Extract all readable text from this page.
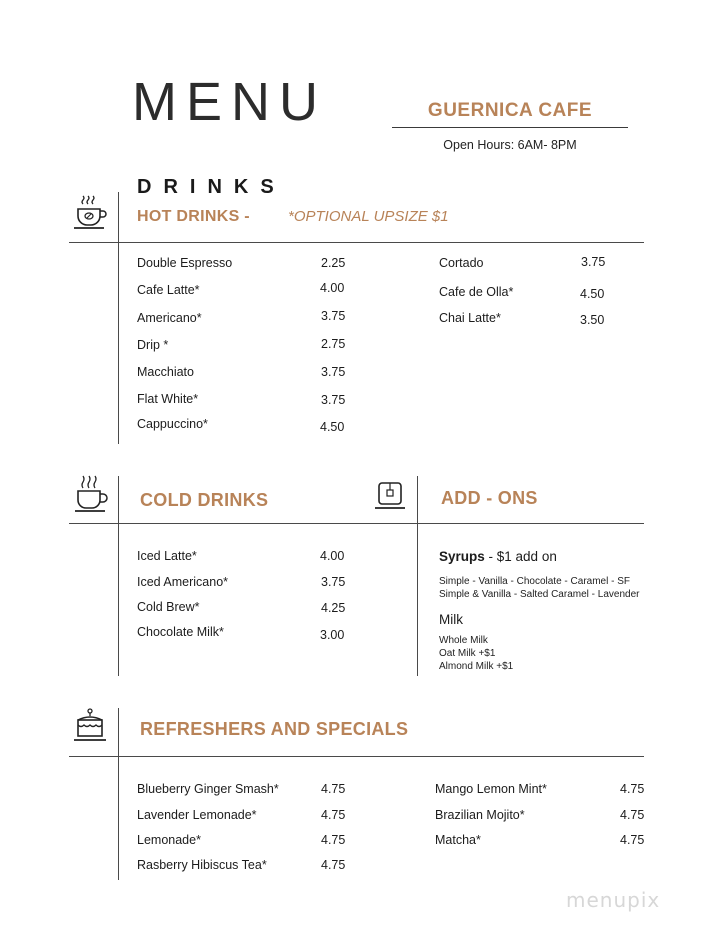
MENU	GUERNICA CAFE
Open Hours: 6AM- 8PM
DRINKS
HOT DRINKS -	*OPTIONAL UPSIZE $1
Double Espresso	2.25
Cafe Latte*	4.00
Americano*	3.75
Drip *	2.75
Macchiato	3.75
Flat White*	3.75
Cappuccino*	4.50
Cortado	3.75
Cafe de Olla*	4.50
Chai Latte*	3.50
COLD DRINKS
Iced Latte*	4.00
Iced Americano*	3.75
Cold Brew*	4.25
Chocolate Milk*	3.00
ADD - ONS
Syrups - $1 add on
Simple - Vanilla - Chocolate - Caramel - SF
Simple & Vanilla - Salted Caramel - Lavender
Milk
Whole Milk
Oat Milk +$1
Almond Milk +$1
REFRESHERS AND SPECIALS
Blueberry Ginger Smash*	4.75
Lavender Lemonade*	4.75
Lemonade*	4.75
Rasberry Hibiscus Tea*	4.75
Mango Lemon Mint*	4.75
Brazilian Mojito*	4.75
Matcha*	4.75
menupix
